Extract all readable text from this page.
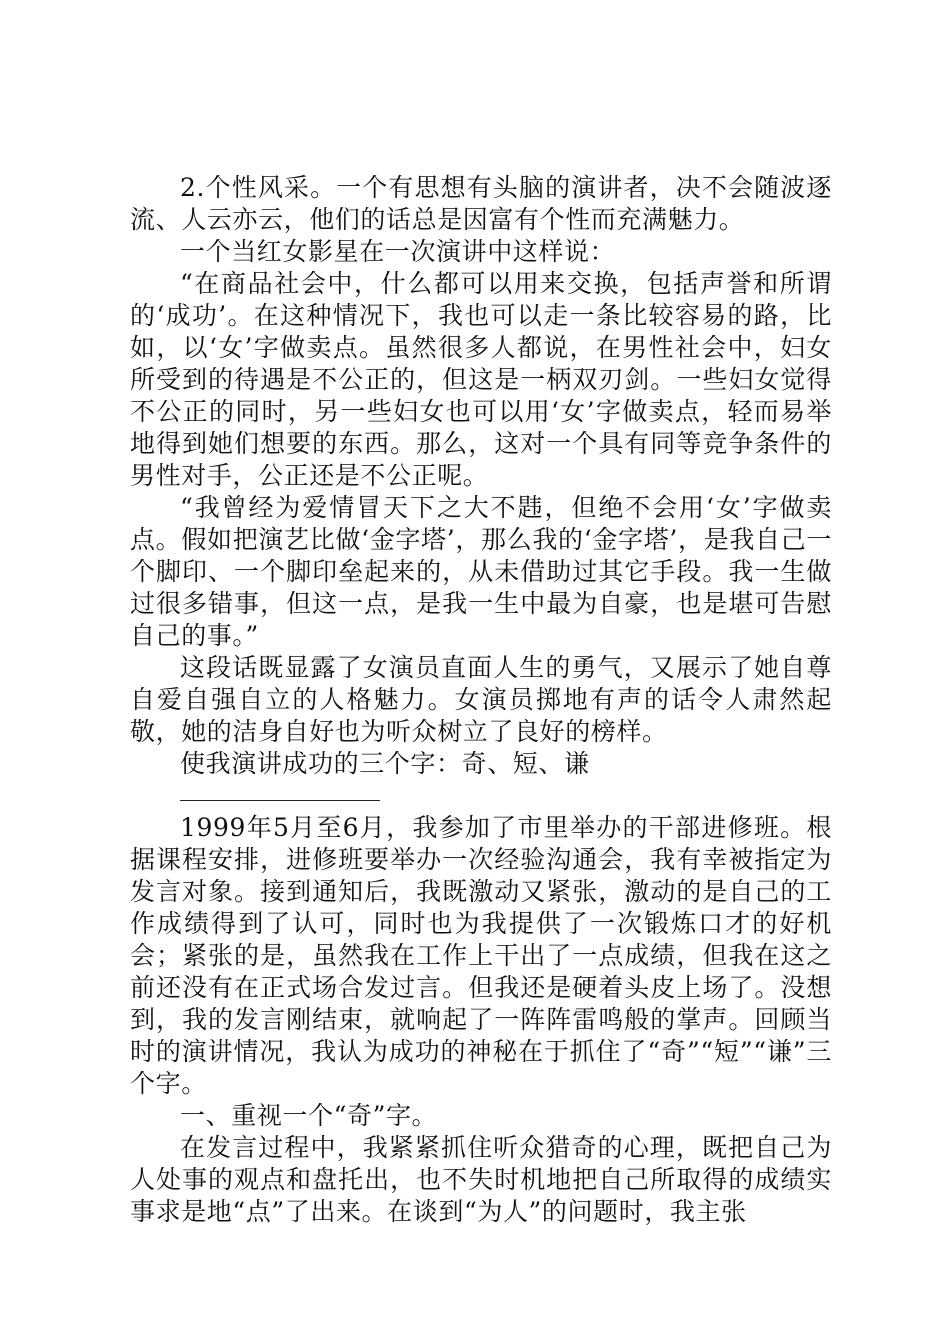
2.个性风采。一个有思想有头脑的演讲者，决不会随波逐流、人云亦云，他们的话总是因富有个性而充满魅力。

一个当红女影星在一次演讲中这样说：

“在商品社会中，什么都可以用来交换，包括声誉和所谓的‘成功’。在这种情况下，我也可以走一条比较容易的路，比如，以‘女’字做卖点。虽然很多人都说，在男性社会中，妇女所受到的待遇是不公正的，但这是一柄双刃剑。一些妇女觉得不公正的同时，另一些妇女也可以用‘女’字做卖点，轻而易举地得到她们想要的东西。那么，这对一个具有同等竞争条件的男性对手，公正还是不公正呢。

“我曾经为爱情冒天下之大不韪，但绝不会用‘女’字做卖点。假如把演艺比做‘金字塔’，那么我的‘金字塔’，是我自己一个脚印、一个脚印垒起来的，从未借助过其它手段。我一生做过很多错事，但这一点，是我一生中最为自豪，也是堪可告慰自己的事。”

这段话既显露了女演员直面人生的勇气，又展示了她自尊自爱自强自立的人格魅力。女演员掷地有声的话令人肃然起敬，她的洁身自好也为听众树立了良好的榜样。

使我演讲成功的三个字：奇、短、谦

1999年5月至6月，我参加了市里举办的干部进修班。根据课程安排，进修班要举办一次经验沟通会，我有幸被指定为发言对象。接到通知后，我既激动又紧张，激动的是自己的工作成绩得到了认可，同时也为我提供了一次锻炼口才的好机会；紧张的是，虽然我在工作上干出了一点成绩，但我在这之前还没有在正式场合发过言。但我还是硬着头皮上场了。没想到，我的发言刚结束，就响起了一阵阵雷鸣般的掌声。回顾当时的演讲情况，我认为成功的神秘在于抓住了“奇”“短”“谦”三个字。

一、重视一个“奇”字。

在发言过程中，我紧紧抓住听众猎奇的心理，既把自己为人处事的观点和盘托出，也不失时机地把自己所取得的成绩实事求是地“点”了出来。在谈到“为人”的问题时，我主张
